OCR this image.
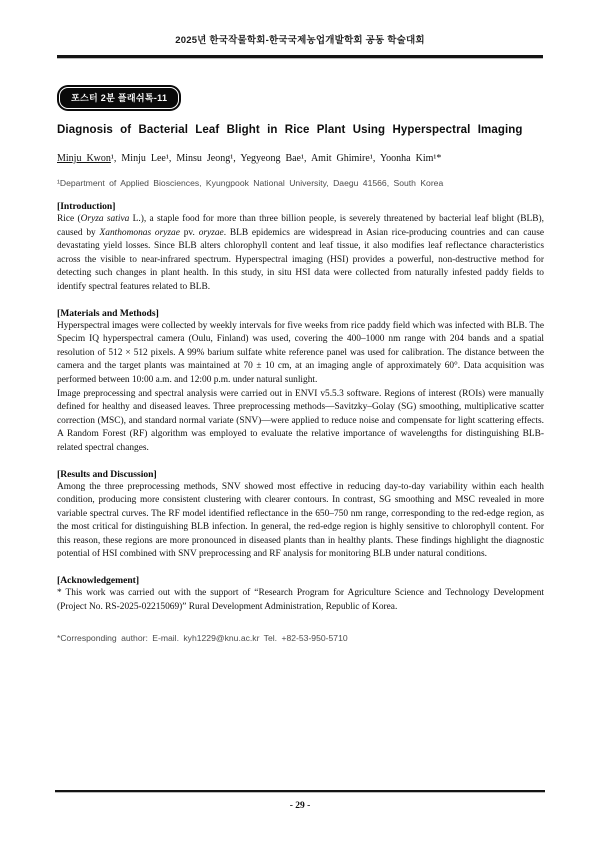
2025년 한국작물학회-한국국제농업개발학회 공동 학술대회
포스터 2분 플래쉬톡-11
Diagnosis of Bacterial Leaf Blight in Rice Plant Using Hyperspectral Imaging
Minju Kwon¹, Minju Lee¹, Minsu Jeong¹, Yegyeong Bae¹, Amit Ghimire¹, Yoonha Kim¹*
¹Department of Applied Biosciences, Kyungpook National University, Daegu 41566, South Korea

[Introduction]

Rice (Oryza sativa L.), a staple food for more than three billion people, is severely threatened by bacterial leaf blight (BLB), caused by Xanthomonas oryzae pv. oryzae. BLB epidemics are widespread in Asian rice-producing countries and can cause devastating yield losses. Since BLB alters chlorophyll content and leaf tissue, it also modifies leaf reflectance characteristics across the visible to near-infrared spectrum. Hyperspectral imaging (HSI) provides a powerful, non-destructive method for detecting such changes in plant health. In this study, in situ HSI data were collected from naturally infested paddy fields to identify spectral features related to BLB.

[Materials and Methods]

Hyperspectral images were collected by weekly intervals for five weeks from rice paddy field which was infected with BLB. The Specim IQ hyperspectral camera (Oulu, Finland) was used, covering the 400–1000 nm range with 204 bands and a spatial resolution of 512 × 512 pixels. A 99% barium sulfate white reference panel was used for calibration. The distance between the camera and the target plants was maintained at 70 ± 10 cm, at an imaging angle of approximately 60°. Data acquisition was performed between 10:00 a.m. and 12:00 p.m. under natural sunlight.

Image preprocessing and spectral analysis were carried out in ENVI v5.5.3 software. Regions of interest (ROIs) were manually defined for healthy and diseased leaves. Three preprocessing methods—Savitzky–Golay (SG) smoothing, multiplicative scatter correction (MSC), and standard normal variate (SNV)—were applied to reduce noise and compensate for light scattering effects. A Random Forest (RF) algorithm was employed to evaluate the relative importance of wavelengths for distinguishing BLB-related spectral changes.

[Results and Discussion]

Among the three preprocessing methods, SNV showed most effective in reducing day-to-day variability within each health condition, producing more consistent clustering with clearer contours. In contrast, SG smoothing and MSC revealed in more variable spectral curves. The RF model identified reflectance in the 650–750 nm range, corresponding to the red-edge region, as the most critical for distinguishing BLB infection. In general, the red-edge region is highly sensitive to chlorophyll content. For this reason, these regions are more pronounced in diseased plants than in healthy plants. These findings highlight the diagnostic potential of HSI combined with SNV preprocessing and RF analysis for monitoring BLB under natural conditions.

[Acknowledgement]

* This work was carried out with the support of “Research Program for Agriculture Science and Technology Development (Project No. RS-2025-02215069)” Rural Development Administration, Republic of Korea.

*Corresponding author: E-mail. kyh1229@knu.ac.kr Tel. +82-53-950-5710
- 29 -
